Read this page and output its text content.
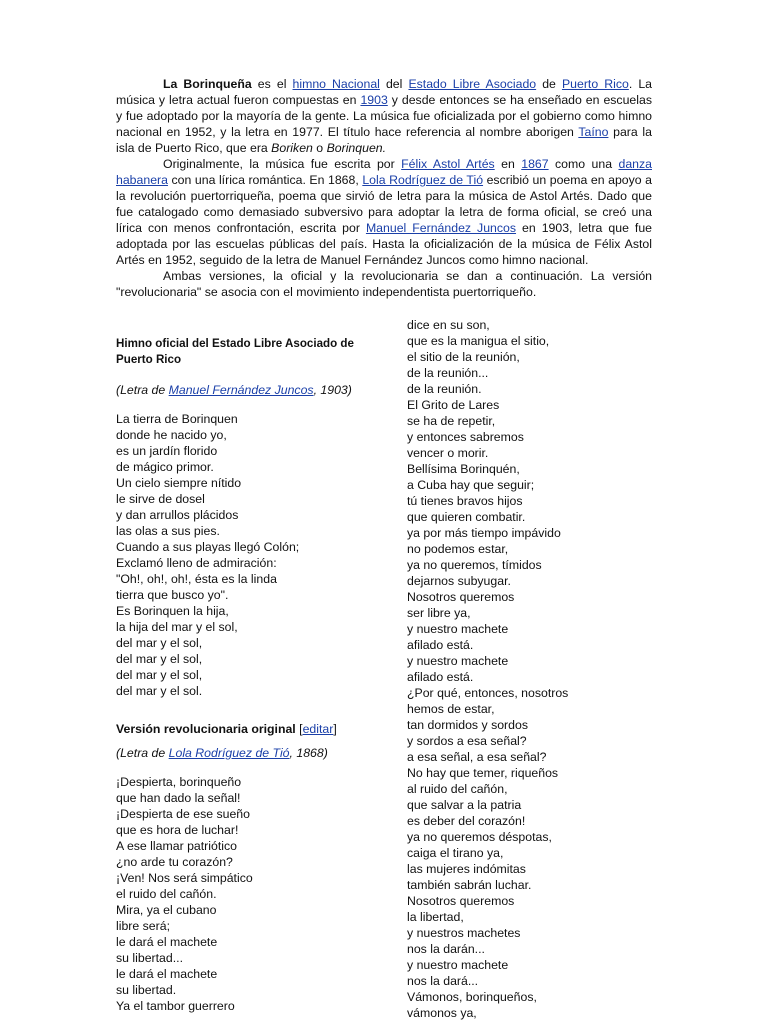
La Borinqueña es el himno Nacional del Estado Libre Asociado de Puerto Rico. La música y letra actual fueron compuestas en 1903 y desde entonces se ha enseñado en escuelas y fue adoptado por la mayoría de la gente. La música fue oficializada por el gobierno como himno nacional en 1952, y la letra en 1977. El título hace referencia al nombre aborigen Taíno para la isla de Puerto Rico, que era Boriken o Borinquen.

Originalmente, la música fue escrita por Félix Astol Artés en 1867 como una danza habanera con una lírica romántica. En 1868, Lola Rodríguez de Tió escribió un poema en apoyo a la revolución puertorriqueña, poema que sirvió de letra para la música de Astol Artés. Dado que fue catalogado como demasiado subversivo para adoptar la letra de forma oficial, se creó una lírica con menos confrontación, escrita por Manuel Fernández Juncos en 1903, letra que fue adoptada por las escuelas públicas del país. Hasta la oficialización de la música de Félix Astol Artés en 1952, seguido de la letra de Manuel Fernández Juncos como himno nacional.

Ambas versiones, la oficial y la revolucionaria se dan a continuación. La versión "revolucionaria" se asocia con el movimiento independentista puertorriqueño.

Himno oficial del Estado Libre Asociado de Puerto Rico

(Letra de Manuel Fernández Juncos, 1903)

La tierra de Borinquen
donde he nacido yo,
es un jardín florido
de mágico primor.
Un cielo siempre nítido
le sirve de dosel
y dan arrullos plácidos
las olas a sus pies.
Cuando a sus playas llegó Colón;
Exclamó lleno de admiración:
"Oh!, oh!, oh!, ésta es la linda
tierra que busco yo".
Es Borinquen la hija,
la hija del mar y el sol,
del mar y el sol,
del mar y el sol,
del mar y el sol,
del mar y el sol.

Versión revolucionaria original [editar]

(Letra de Lola Rodríguez de Tió, 1868)

¡Despierta, borinqueño
que han dado la señal!
¡Despierta de ese sueño
que es hora de luchar!
A ese llamar patriótico
¿no arde tu corazón?
¡Ven! Nos será simpático
el ruido del cañón.
Mira, ya el cubano
libre será;
le dará el machete
su libertad...
le dará el machete
su libertad.
Ya el tambor guerrero
dice en su son,
que es la manigua el sitio,
el sitio de la reunión,
de la reunión...
de la reunión.
El Grito de Lares
se ha de repetir,
y entonces sabremos
vencer o morir.
Bellísima Borinquén,
a Cuba hay que seguir;
tú tienes bravos hijos
que quieren combatir.
ya por más tiempo impávido
no podemos estar,
ya no queremos, tímidos
dejarnos subyugar.
Nosotros queremos
ser libre ya,
y nuestro machete
afilado está.
y nuestro machete
afilado está.
¿Por qué, entonces, nosotros
hemos de estar,
tan dormidos y sordos
y sordos a esa señal?
a esa señal, a esa señal?
No hay que temer, riqueños
al ruido del cañón,
que salvar a la patria
es deber del corazón!
ya no queremos déspotas,
caiga el tirano ya,
las mujeres indómitas
también sabrán luchar.
Nosotros queremos
la libertad,
y nuestros machetes
nos la darán...
y nuestro machete
nos la dará...
Vámonos, borinqueños,
vámonos ya,
